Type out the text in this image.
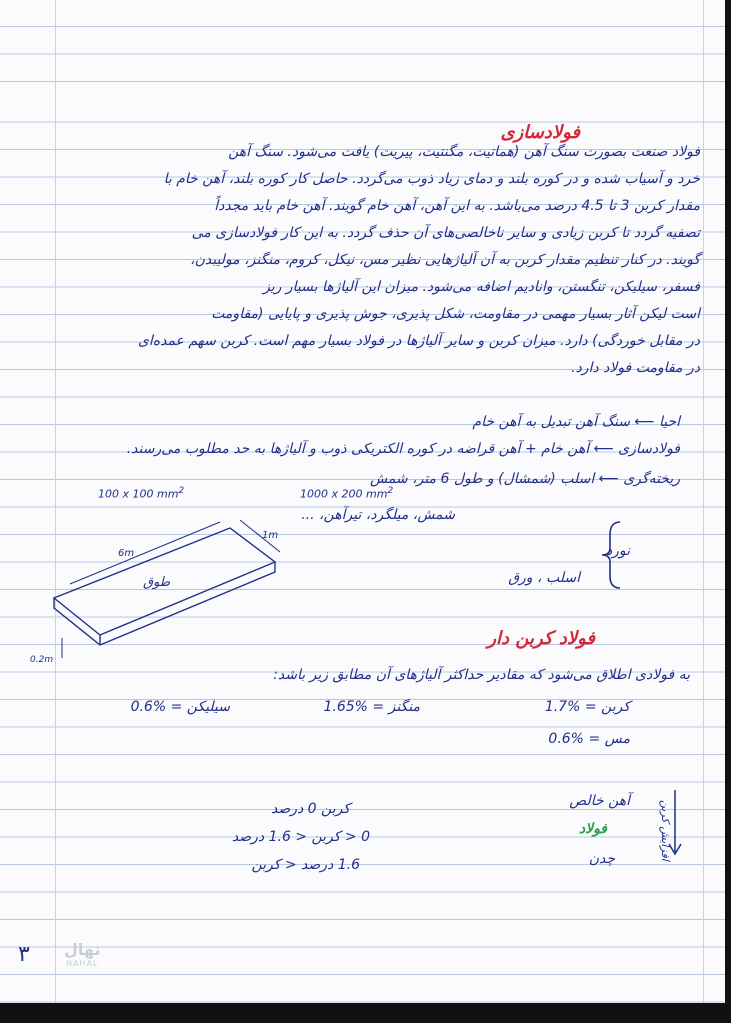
فولادسازی
فولاد صنعت بصورت سنگ آهن (هماتیت، مگنتیت، پیریت) یافت می‌شود. سنگ آهن
خرد و آسیاب شده و در کوره بلند و دمای زیاد ذوب می‌گردد. حاصل کار کوره بلند، آهن خام با
مقدار کربن 3 تا 4.5 درصد می‌باشد. به این آهن، آهن خام گویند. آهن خام باید مجدداً
تصفیه گردد تا کربن زیادی و سایر ناخالصی‌های آن حذف گردد. به این کار فولادسازی می
گویند. در کنار تنظیم مقدار کربن به آن آلیاژهایی نظیر مس، نیکل، کروم، منگنز، مولیبدن،
فسفر، سیلیکن، تنگستن، وانادیم اضافه می‌شود. میزان این آلیاژها بسیار ریز
است لیکن آثار بسیار مهمی در مقاومت، شکل پذیری، جوش پذیری و پایایی (مقاومت
در مقابل خوردگی) دارد. میزان کربن و سایر آلیاژها در فولاد بسیار مهم است. کربن سهم عمده‌ای
در مقاومت فولاد دارد.
احیا ⟵ سنگ آهن تبدیل به آهن خام
فولادسازی ⟵ آهن خام + آهن قراضه در کوره الکتریکی ذوب و آلیاژها به حد مطلوب می‌رسند.
ریخته‌گری ⟵ اسلب (شمشال) و طول 6 متر، شمش
1000 x 200 $mm^2$
100 x 100 $mm^2$
شمش، میلگرد، تیرآهن، ...
نورد
اسلب ، ورق
طوق
6m
1m
0.2m
فولاد کربن دار
به فولادی اطلاق می‌شود که مقادیر حداکثر آلیاژهای آن مطابق زیر باشد:
کربن = 1.7%
منگنز = 1.65%
سیلیکن = 0.6%
مس = 0.6%
آهن خالص
فولاد
چدن	افزایش کربن
کربن 0 درصد
0 < کربن < 1.6 درصد
1.6 درصد < کربن
۳ نهال
NAHAL
